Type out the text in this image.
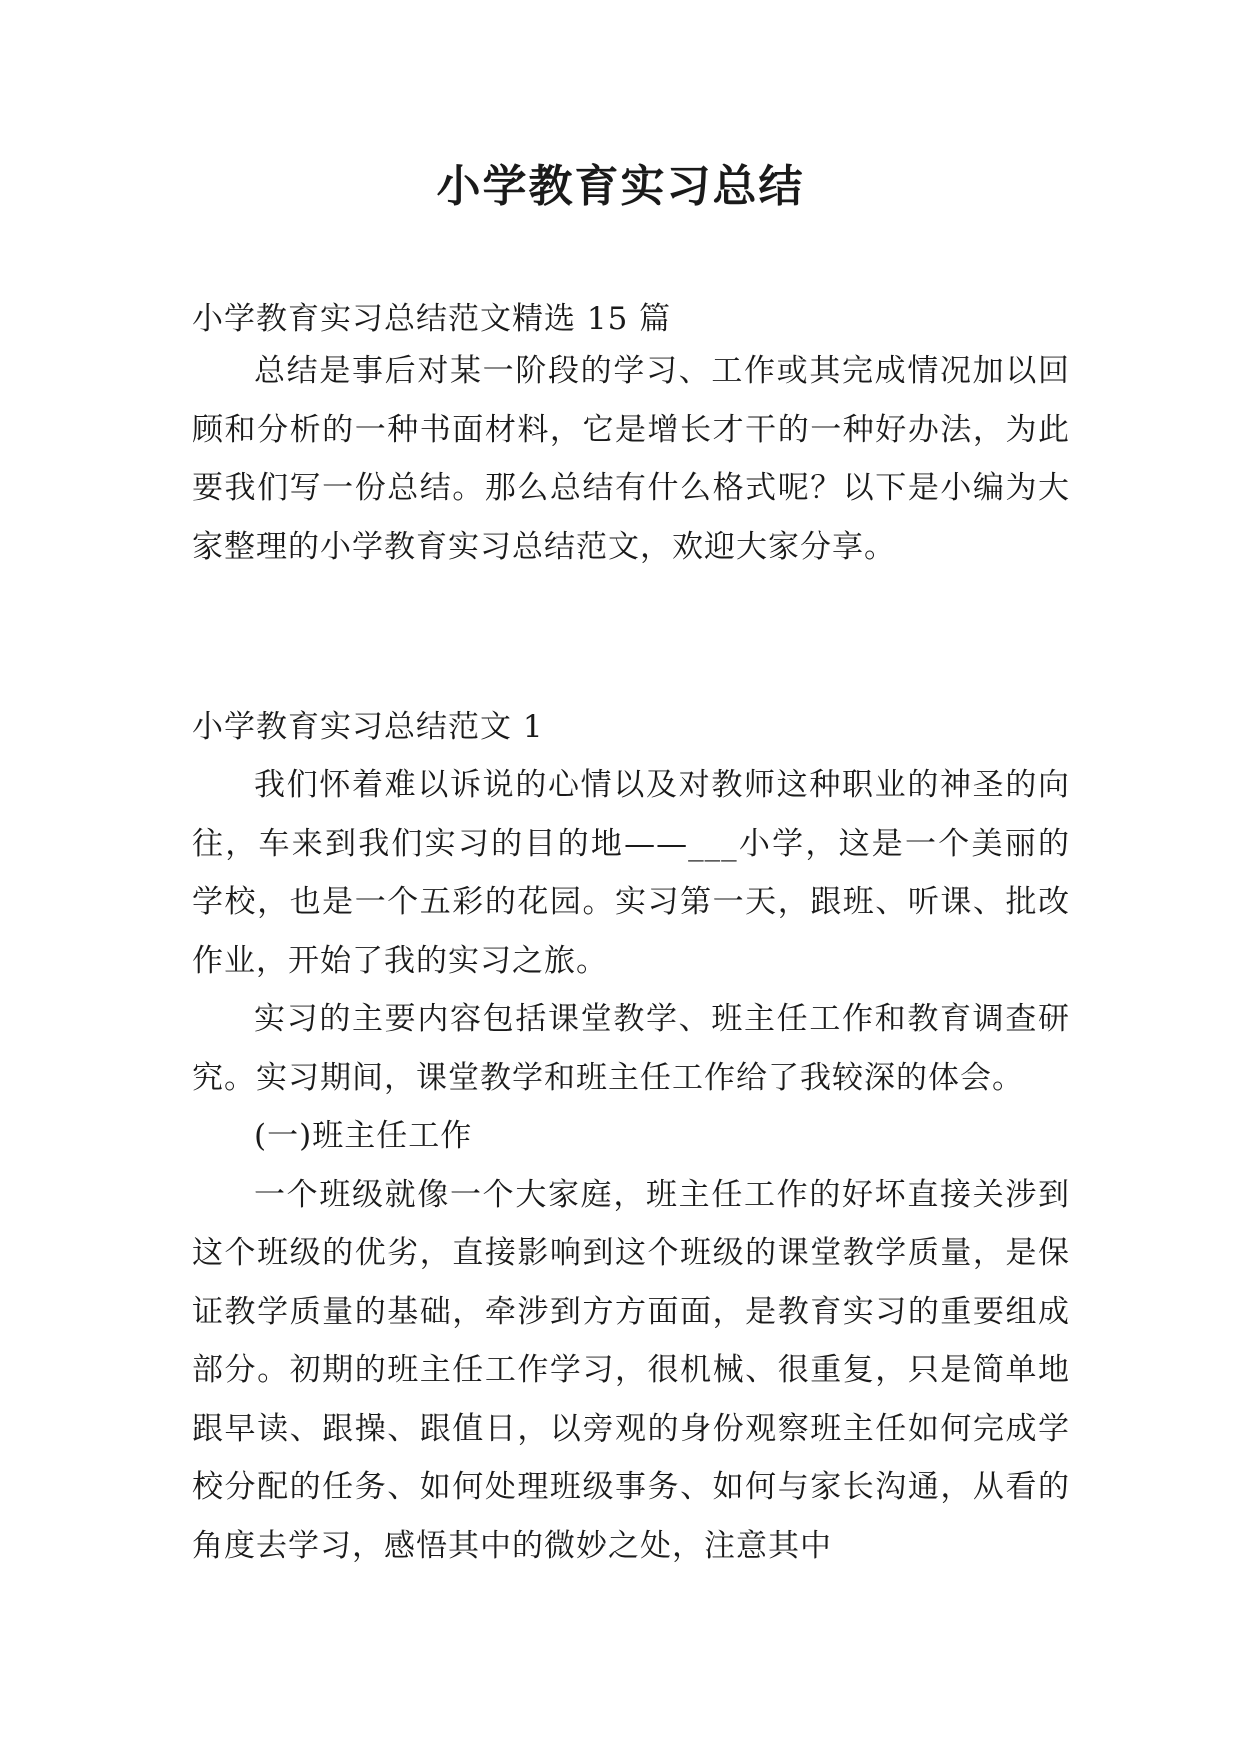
小学教育实习总结

小学教育实习总结范文精选 15 篇

总结是事后对某一阶段的学习、工作或其完成情况加以回顾和分析的一种书面材料，它是增长才干的一种好办法，为此要我们写一份总结。那么总结有什么格式呢？以下是小编为大家整理的小学教育实习总结范文，欢迎大家分享。

小学教育实习总结范文 1

我们怀着难以诉说的心情以及对教师这种职业的神圣的向往，车来到我们实习的目的地——___小学，这是一个美丽的学校，也是一个五彩的花园。实习第一天，跟班、听课、批改作业，开始了我的实习之旅。

实习的主要内容包括课堂教学、班主任工作和教育调查研究。实习期间，课堂教学和班主任工作给了我较深的体会。

(一)班主任工作

一个班级就像一个大家庭，班主任工作的好坏直接关涉到这个班级的优劣，直接影响到这个班级的课堂教学质量，是保证教学质量的基础，牵涉到方方面面，是教育实习的重要组成部分。初期的班主任工作学习，很机械、很重复，只是简单地跟早读、跟操、跟值日，以旁观的身份观察班主任如何完成学校分配的任务、如何处理班级事务、如何与家长沟通，从看的角度去学习，感悟其中的微妙之处，注意其中
